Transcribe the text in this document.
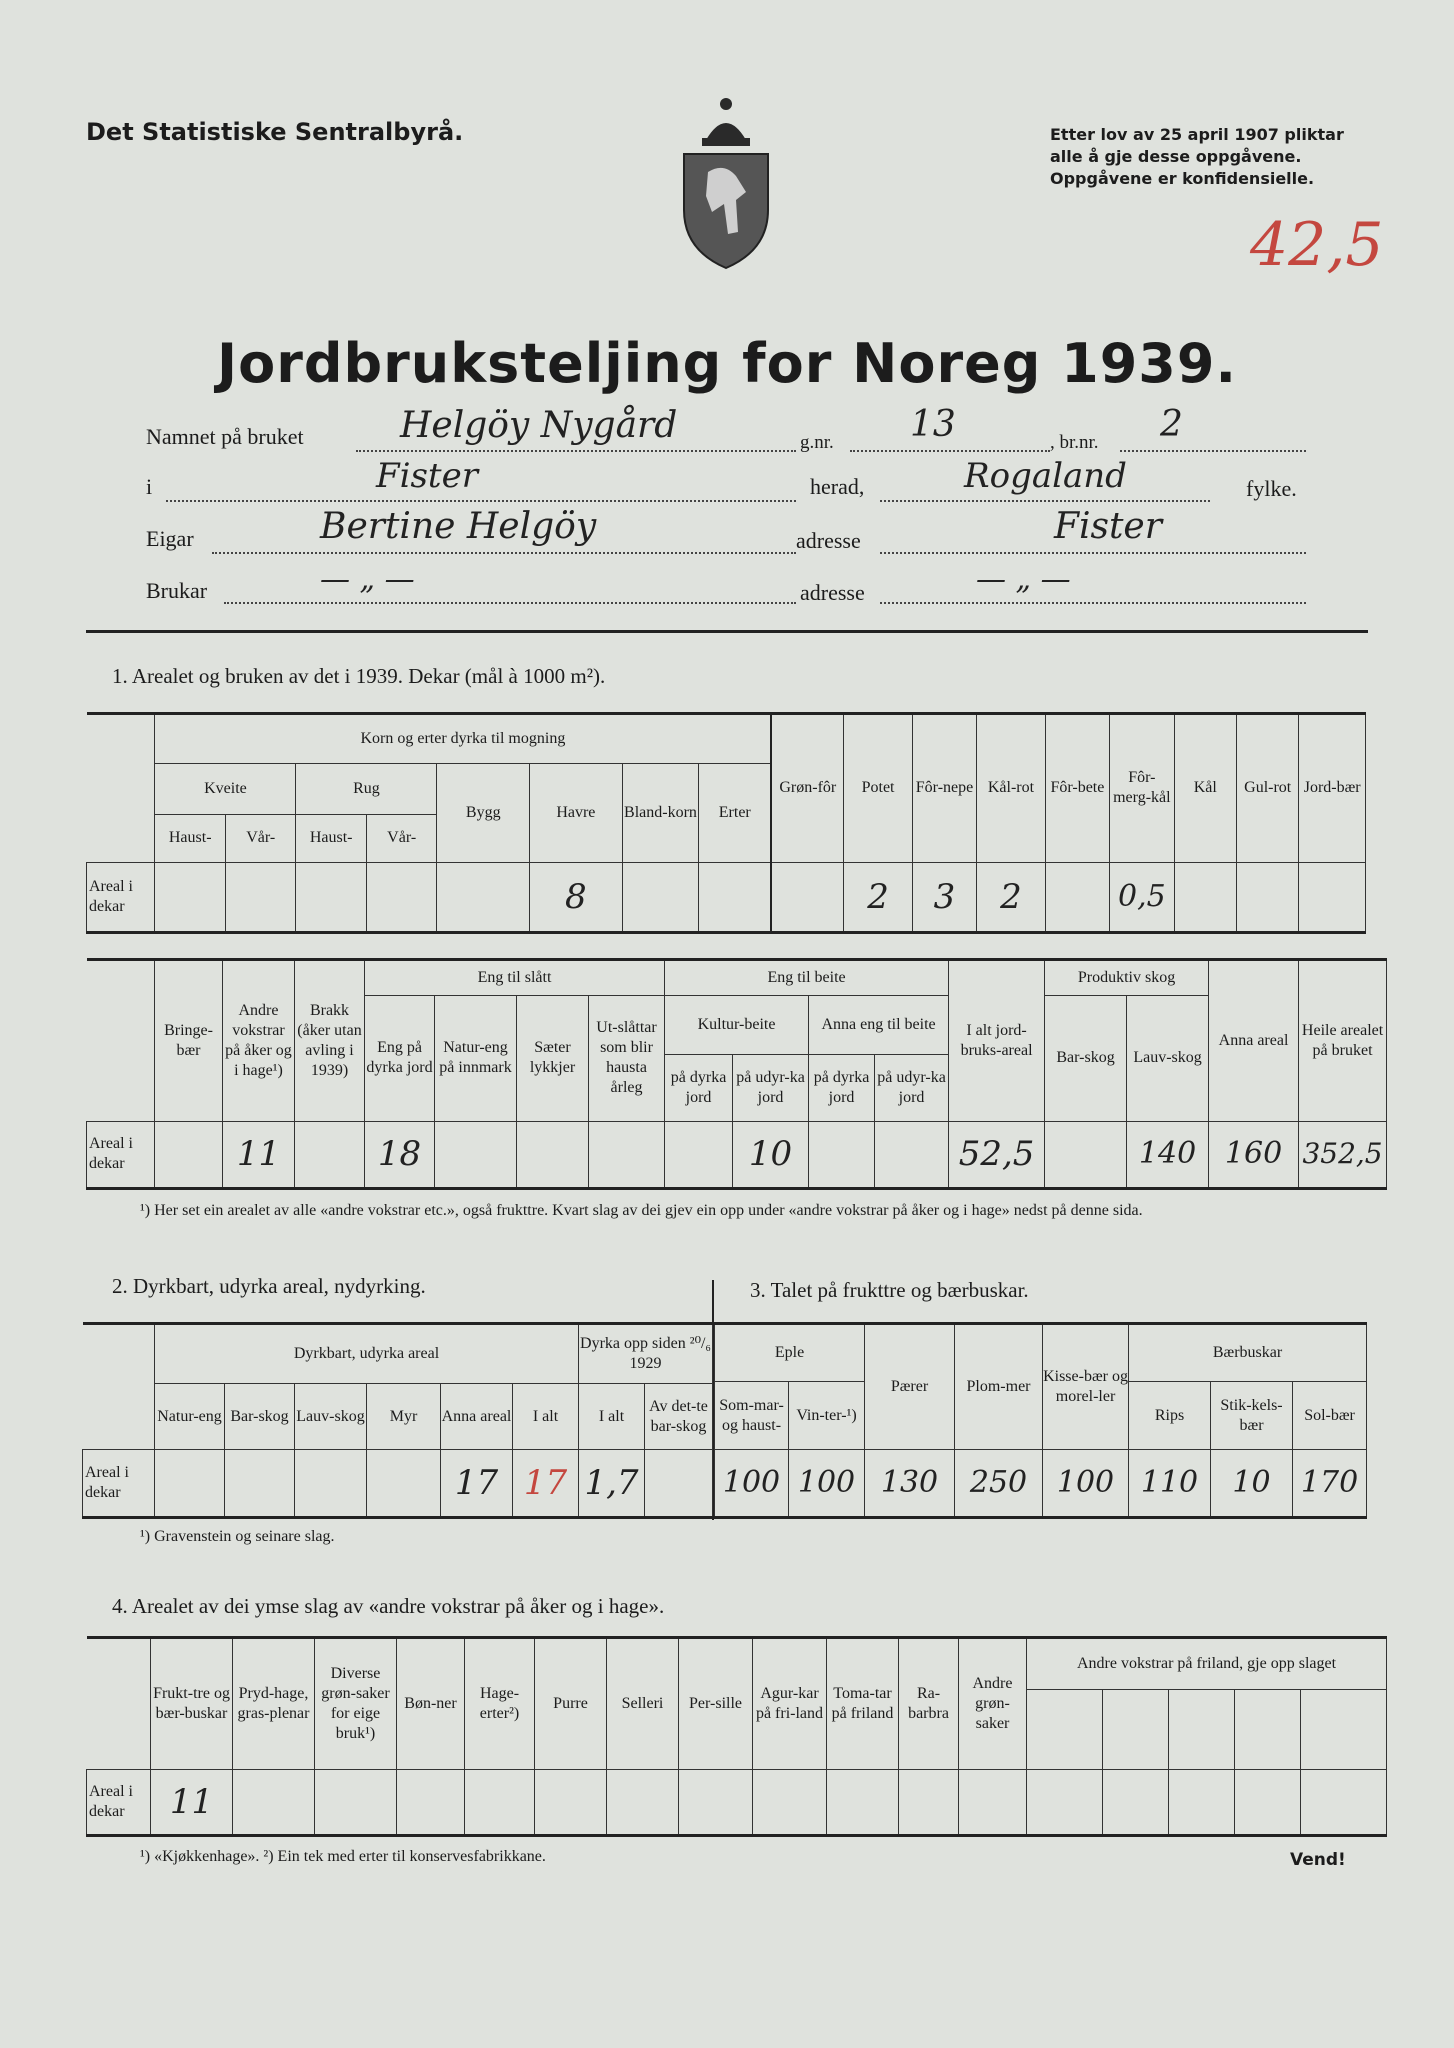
Det Statistiske Sentralbyrå.	Etter lov av 25 april 1907 pliktar
alle å gje desse oppgåvene.
Oppgåvene er konfidensielle.
42,5
Jordbruksteljing for Noreg 1939.
Namnet på bruket	Helgöy Nygård	g.nr. 13	, br.nr. 2
i	Fister	herad,	Rogaland	fylke.
Eigar	Bertine Helgöy	adresse	Fister
Brukar	— „ —	adresse	— „ —
1. Arealet og bruken av det i 1939. Dekar (mål à 1000 m²).
	Korn og erter dyrka til mogning								Grøn-fôr	Potet	Fôr-nepe	Kål-rot	Fôr-bete	Fôr-merg-kål	Kål	Gul-rot	Jord-bær
	Kveite		Rug		Bygg	Havre	Bland-korn	Erter									
	Haust-	Vår-	Haust-	Vår-													
Areal i dekar						8				2	3	2		0,5			
	Bringe-bær	Andre vokstrar på åker og i hage¹)	Brakk (åker utan avling i 1939)	Eng til slått				Eng til beite				I alt jord-bruks-areal	Produktiv skog		Anna areal	Heile arealet på bruket
				Eng på dyrka jord	Natur-eng på innmark	Sæter lykkjer	Ut-slåttar som blir hausta årleg	Kultur-beite		Anna eng til beite			Bar-skog	Lauv-skog		
								på dyrka jord	på udyr-ka jord	på dyrka jord	på udyr-ka jord					
Areal i dekar		11		18					10			52,5		140	160	352,5
¹) Her set ein arealet av alle «andre vokstrar etc.», også frukttre. Kvart slag av dei gjev ein opp under «andre vokstrar på åker og i hage» nedst på denne sida.
2. Dyrkbart, udyrka areal, nydyrking.
	Dyrkbart, udyrka areal						Dyrka opp siden ²⁰/₆ 1929	
	Natur-eng	Bar-skog	Lauv-skog	Myr	Anna areal	I alt	I alt	Av det-te bar-skog
Areal i dekar					17	17	1,7	
3. Talet på frukttre og bærbuskar.
Eple		Pærer	Plom-mer	Kisse-bær og morel-ler	Bærbuskar		
Som-mar-og haust-	Vin-ter-¹)				Rips	Stik-kels-bær	Sol-bær
100	100	130	250	100	110	10	170
¹) Gravenstein og seinare slag.
4. Arealet av dei ymse slag av «andre vokstrar på åker og i hage».
	Frukt-tre og bær-buskar	Pryd-hage, gras-plenar	Diverse grøn-saker for eige bruk¹)	Bøn-ner	Hage-erter²)	Purre	Selleri	Per-sille	Agur-kar på fri-land	Toma-tar på friland	Ra-barbra	Andre grøn-saker	Andre vokstrar på friland, gje opp slaget				

Areal i dekar	11																
¹) «Kjøkkenhage». ²) Ein tek med erter til konservesfabrikkane.	Vend!
